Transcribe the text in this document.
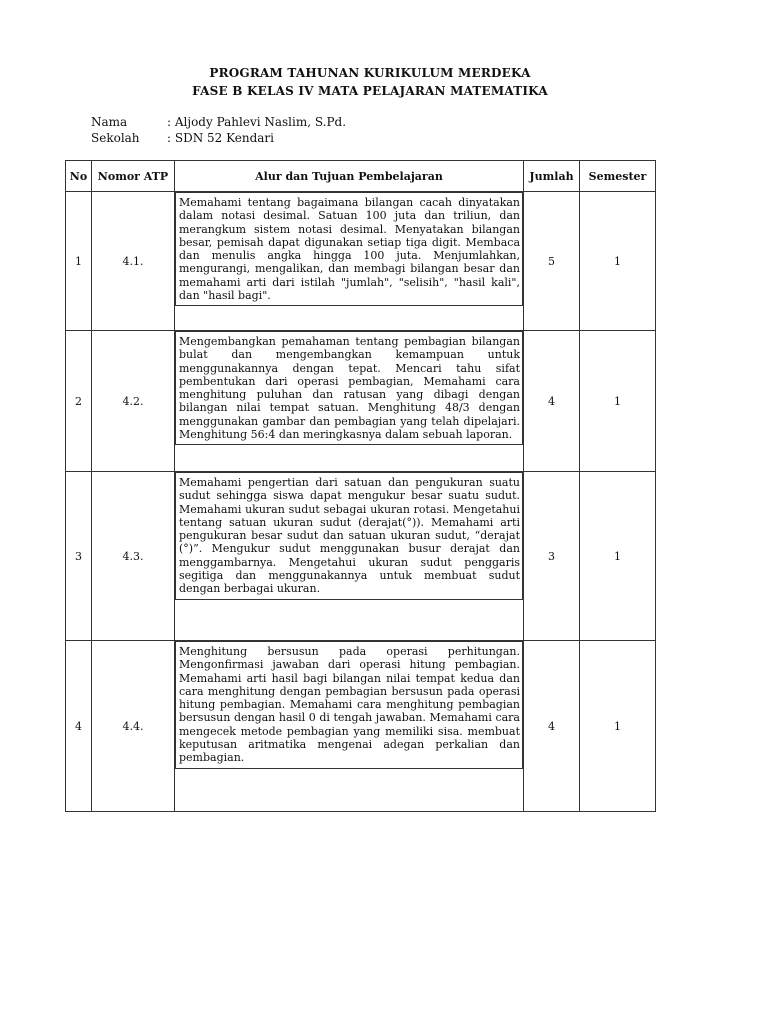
PROGRAM TAHUNAN KURIKULUM MERDEKA
FASE B KELAS IV MATA PELAJARAN MATEMATIKA
Nama	: Aljody Pahlevi Naslim, S.Pd.
Sekolah : SDN 52 Kendari
No	Nomor ATP	Alur dan Tujuan Pembelajaran	Jumlah	Semester
1	4.1.	Memahami tentang bagaimana bilangan cacah dinyatakan dalam notasi desimal. Satuan 100 juta dan triliun, dan merangkum sistem notasi desimal. Menyatakan bilangan besar, pemisah dapat digunakan setiap tiga digit. Membaca dan menulis angka hingga 100 juta. Menjumlahkan, mengurangi, mengalikan, dan membagi bilangan besar dan memahami arti dari istilah "jumlah", "selisih", "hasil kali", dan "hasil bagi".	5	1
2	4.2.	Mengembangkan pemahaman tentang pembagian bilangan bulat dan mengembangkan kemampuan untuk menggunakannya dengan tepat. Mencari tahu sifat pembentukan dari operasi pembagian, Memahami cara menghitung puluhan dan ratusan yang dibagi dengan bilangan nilai tempat satuan. Menghitung 48/3 dengan menggunakan gambar dan pembagian yang telah dipelajari. Menghitung 56:4 dan meringkasnya dalam sebuah laporan.	4	1
3	4.3.	Memahami pengertian dari satuan dan pengukuran suatu sudut sehingga siswa dapat mengukur besar suatu sudut. Memahami ukuran sudut sebagai ukuran rotasi. Mengetahui tentang satuan ukuran sudut (derajat(°)). Memahami arti pengukuran besar sudut dan satuan ukuran sudut, “derajat (°)”. Mengukur sudut menggunakan busur derajat dan menggambarnya. Mengetahui ukuran sudut penggaris segitiga dan menggunakannya untuk membuat sudut dengan berbagai ukuran.	3	1
4	4.4.	Menghitung bersusun pada operasi perhitungan. Mengonfirmasi jawaban dari operasi hitung pembagian. Memahami arti hasil bagi bilangan nilai tempat kedua dan cara menghitung dengan pembagian bersusun pada operasi hitung pembagian. Memahami cara menghitung pembagian bersusun dengan hasil 0 di tengah jawaban. Memahami cara mengecek metode pembagian yang memiliki sisa. membuat keputusan aritmatika mengenai adegan perkalian dan pembagian.	4	1
